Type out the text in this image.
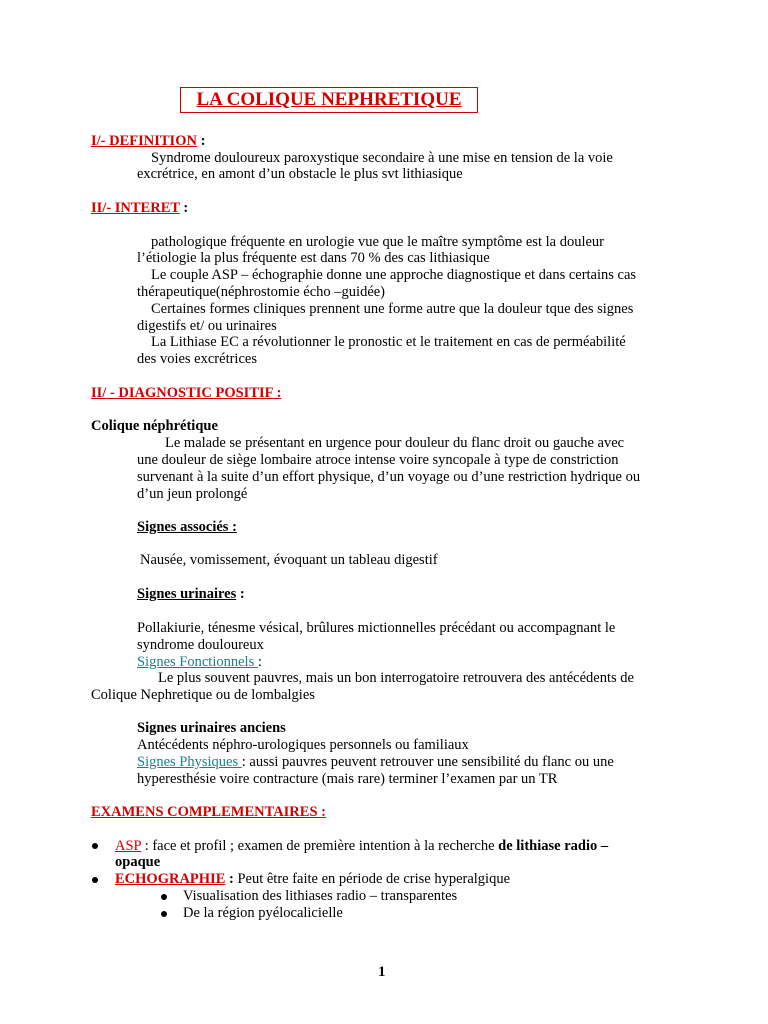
LA COLIQUE NEPHRETIQUE
I/- DEFINITION :
Syndrome douloureux paroxystique secondaire à une mise en tension de la voie
excrétrice, en amont d’un obstacle le plus svt lithiasique
II/- INTERET :
pathologique fréquente en urologie vue que le maître symptôme est la douleur
l’étiologie la plus fréquente est dans 70 % des cas lithiasique
Le couple ASP – échographie donne une approche diagnostique et dans certains cas
thérapeutique(néphrostomie écho –guidée)
Certaines formes cliniques prennent une forme autre que la douleur tque des signes
digestifs et/ ou urinaires
La Lithiase EC a révolutionner le pronostic et le traitement en cas de perméabilité
des voies excrétrices
II/ - DIAGNOSTIC POSITIF :
Colique néphrétique
Le malade se présentant en urgence pour douleur du flanc droit ou gauche avec
une douleur de siège lombaire atroce intense voire syncopale à type de constriction
survenant à la suite d’un effort physique, d’un voyage ou d’une restriction hydrique ou
d’un jeun prolongé
Signes associés :
Nausée, vomissement, évoquant un tableau digestif
Signes urinaires :
Pollakiurie, ténesme vésical, brûlures mictionnelles précédant ou accompagnant le
syndrome douloureux
Signes Fonctionnels :
Le plus souvent pauvres, mais un bon interrogatoire retrouvera des antécédents de
Colique Nephretique ou de lombalgies
Signes urinaires anciens
Antécédents néphro-urologiques personnels ou familiaux
Signes Physiques : aussi pauvres peuvent retrouver une sensibilité du flanc ou une
hyperesthésie voire contracture (mais rare) terminer l’examen par un TR
EXAMENS COMPLEMENTAIRES :
ASP : face et profil ; examen de première intention à la recherche de lithiase radio –
opaque
ECHOGRAPHIE : Peut être faite en période de crise hyperalgique
Visualisation des lithiases radio – transparentes
De la région pyélocalicielle
1
